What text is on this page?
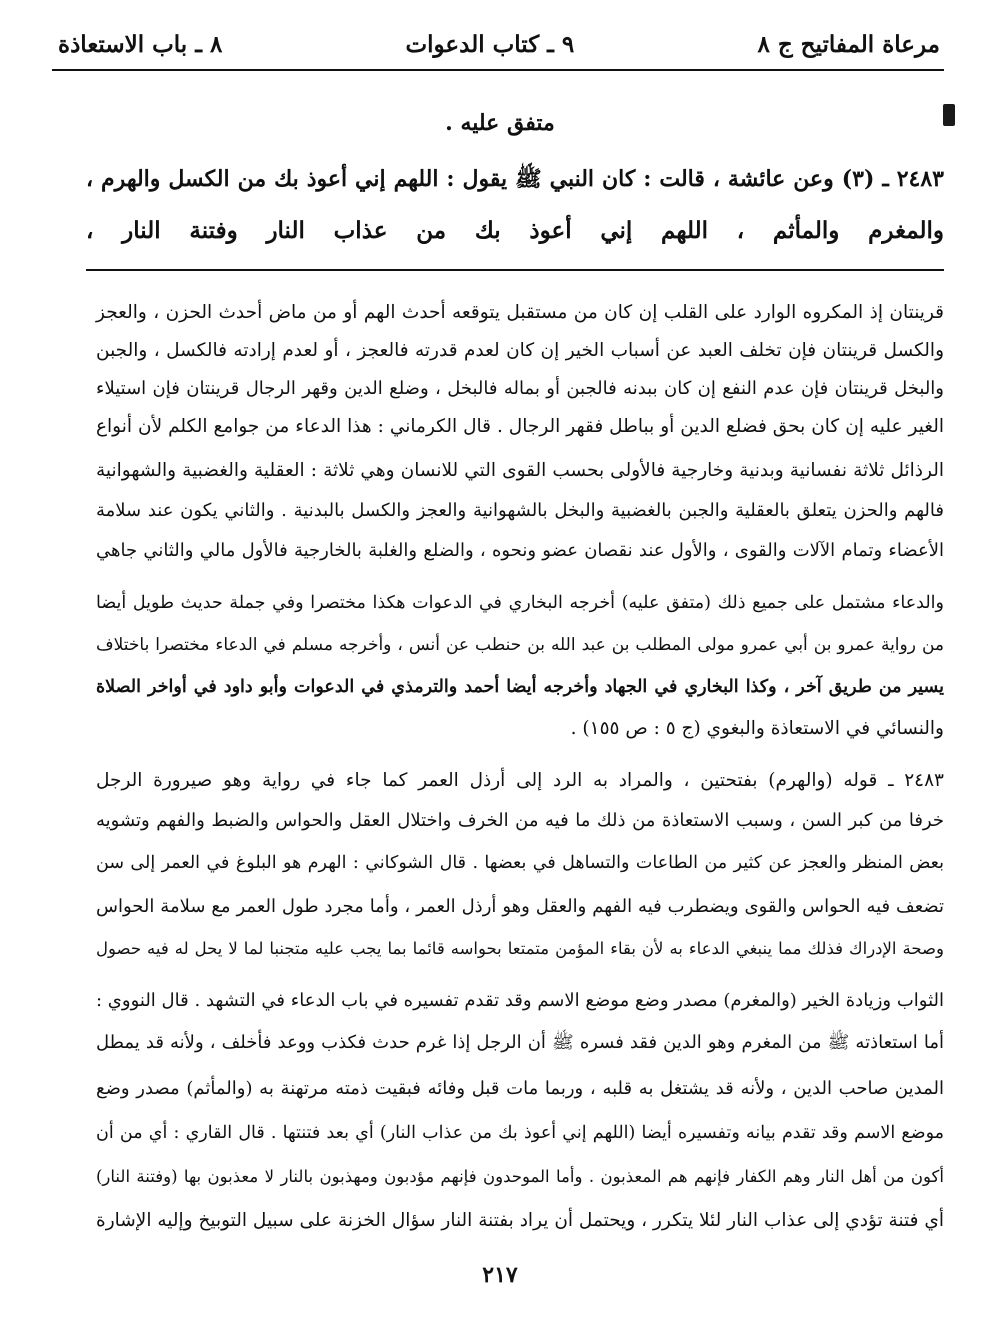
مرعاة المفاتيح ج ٨
٩ ـ كتاب الدعوات
٨ ـ باب الاستعاذة
متفق عليه .
٢٤٨٣ ـ (٣) وعن عائشة ، قالت : كان النبي ﷺ يقول : اللهم إني أعوذ بك من الكسل والهرم ،
والمغرم والمأثم ، اللهم إني أعوذ بك من عذاب النار وفتنة النار ،
قرينتان إذ المكروه الوارد على القلب إن كان من مستقبل يتوقعه أحدث الهم أو من ماض أحدث الحزن ، والعجز
والكسل قرينتان فإن تخلف العبد عن أسباب الخير إن كان لعدم قدرته فالعجز ، أو لعدم إرادته فالكسل ، والجبن
والبخل قرينتان فإن عدم النفع إن كان ببدنه فالجبن أو بماله فالبخل ، وضلع الدين وقهر الرجال قرينتان فإن استيلاء
الغير عليه إن كان بحق فضلع الدين أو بباطل فقهر الرجال . قال الكرماني : هذا الدعاء من جوامع الكلم لأن أنواع
الرذائل ثلاثة نفسانية وبدنية وخارجية فالأولى بحسب القوى التي للانسان وهي ثلاثة : العقلية والغضبية والشهوانية
فالهم والحزن يتعلق بالعقلية والجبن بالغضبية والبخل بالشهوانية والعجز والكسل بالبدنية . والثاني يكون عند سلامة
الأعضاء وتمام الآلات والقوى ، والأول عند نقصان عضو ونحوه ، والضلع والغلبة بالخارجية فالأول مالي والثاني جاهي
والدعاء مشتمل على جميع ذلك (متفق عليه) أخرجه البخاري في الدعوات هكذا مختصرا وفي جملة حديث طويل أيضا
من رواية عمرو بن أبي عمرو مولى المطلب بن عبد الله بن حنطب عن أنس ، وأخرجه مسلم في الدعاء مختصرا باختلاف
يسير من طريق آخر ، وكذا البخاري في الجهاد وأخرجه أيضا أحمد والترمذي في الدعوات وأبو داود في أواخر الصلاة
والنسائي في الاستعاذة والبغوي (ج ٥ : ص ١٥٥) .
٢٤٨٣ ـ قوله (والهرم) بفتحتين ، والمراد به الرد إلى أرذل العمر كما جاء في رواية وهو صيرورة الرجل
خرفا من كبر السن ، وسبب الاستعاذة من ذلك ما فيه من الخرف واختلال العقل والحواس والضبط والفهم وتشويه
بعض المنظر والعجز عن كثير من الطاعات والتساهل في بعضها . قال الشوكاني : الهرم هو البلوغ في العمر إلى سن
تضعف فيه الحواس والقوى ويضطرب فيه الفهم والعقل وهو أرذل العمر ، وأما مجرد طول العمر مع سلامة الحواس
وصحة الإدراك فذلك مما ينبغي الدعاء به لأن بقاء المؤمن متمتعا بحواسه قائما بما يجب عليه متجنبا لما لا يحل له فيه حصول
الثواب وزيادة الخير (والمغرم) مصدر وضع موضع الاسم وقد تقدم تفسيره في باب الدعاء في التشهد . قال النووي :
أما استعاذته ﷺ من المغرم وهو الدين فقد فسره ﷺ أن الرجل إذا غرم حدث فكذب ووعد فأخلف ، ولأنه قد يمطل
المدين صاحب الدين ، ولأنه قد يشتغل به قلبه ، وربما مات قبل وفائه فبقيت ذمته مرتهنة به (والمأثم) مصدر وضع
موضع الاسم وقد تقدم بيانه وتفسيره أيضا (اللهم إني أعوذ بك من عذاب النار) أي بعد فتنتها . قال القاري : أي من أن
أكون من أهل النار وهم الكفار فإنهم هم المعذبون . وأما الموحدون فإنهم مؤدبون ومهذبون بالنار لا معذبون بها (وفتنة النار)
أي فتنة تؤدي إلى عذاب النار لئلا يتكرر ، ويحتمل أن يراد بفتنة النار سؤال الخزنة على سبيل التوبيخ وإليه الإشارة
٢١٧
